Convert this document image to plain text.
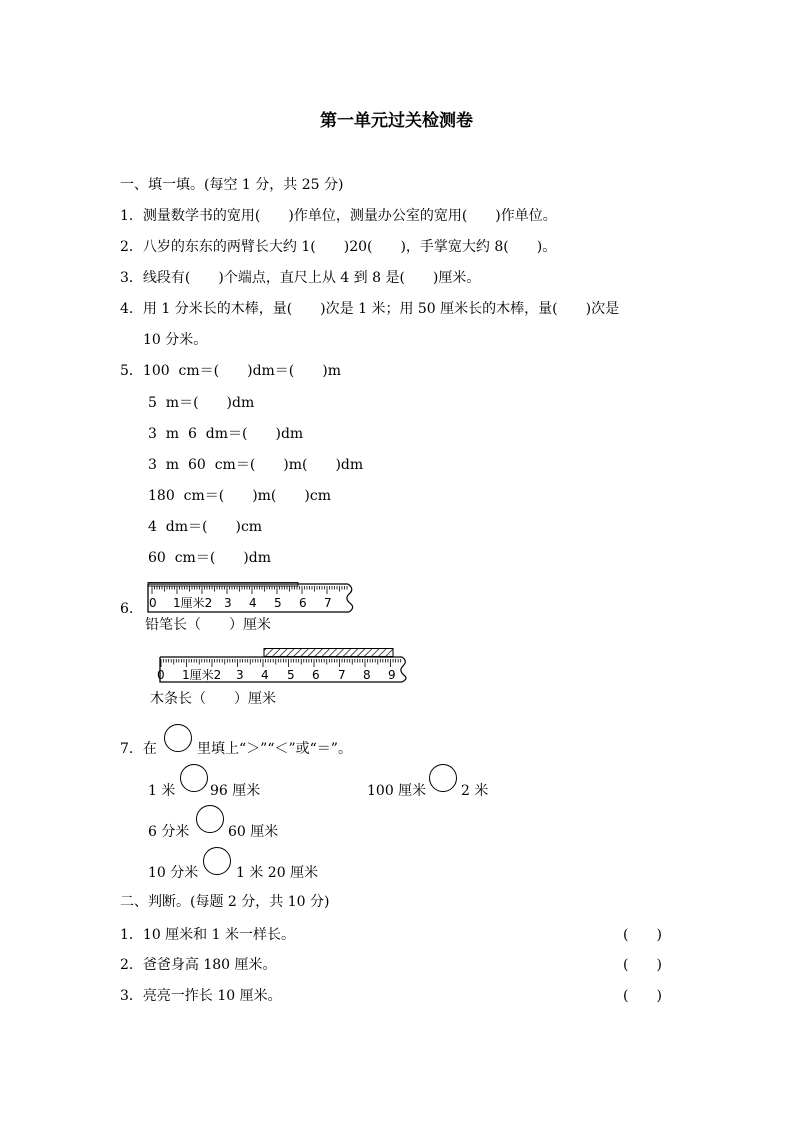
第一单元过关检测卷
一、填一填。(每空 1 分，共 25 分)
1．测量数学书的宽用(　　)作单位，测量办公室的宽用(　　)作单位。
2．八岁的东东的两臂长大约 1(　　)20(　　)，手掌宽大约 8(　　)。
3．线段有(　　)个端点，直尺上从 4 到 8 是(　　)厘米。
4．用 1 分米长的木棒，量(　　)次是 1 米；用 50 厘米长的木棒，量(　　)次是
10 分米。
5．100  cm＝(　　)dm＝(　　)m
5  m＝(　　)dm
3  m  6  dm＝(　　)dm
3  m  60  cm＝(　　)m(　　)dm
180  cm＝(　　)m(　　)cm
4  dm＝(　　)cm
60  cm＝(　　)dm
6. 0 1厘米2 3 4 5 6 7
铅笔长（　　）厘米
0 1厘米2 3 4 5 6 7 8 9
木条长（　　）厘米
7．在	里填上“＞”“＜”或“＝”。
1 米 96 厘米	100 厘米 2 米
6 分米	60 厘米
10 分米	1 米 20 厘米
二、判断。(每题 2 分，共 10 分)
1．10 厘米和 1 米一样长。	(　　)
2．爸爸身高 180 厘米。	(　　)
3．亮亮一拃长 10 厘米。	(　　)
